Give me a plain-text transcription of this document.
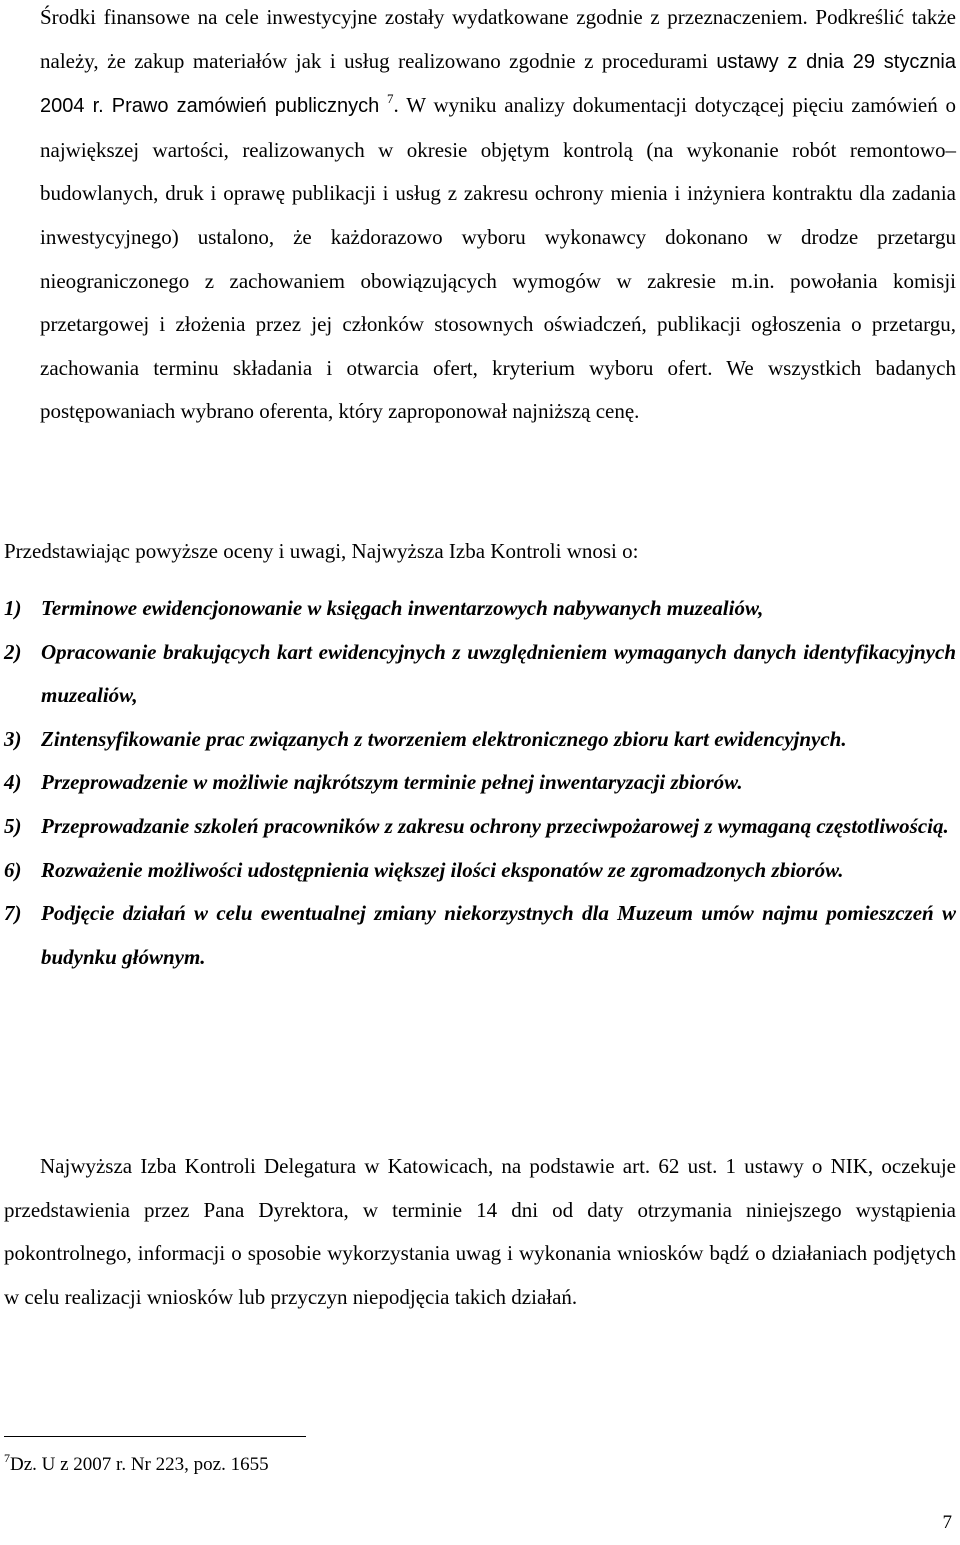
Środki finansowe na cele inwestycyjne zostały wydatkowane zgodnie z przeznaczeniem. Podkreślić także należy, że zakup materiałów jak i usług realizowano zgodnie z procedurami ustawy z dnia 29 stycznia 2004 r. Prawo zamówień publicznych $^7$. W wyniku analizy dokumentacji dotyczącej pięciu zamówień o największej wartości, realizowanych w okresie objętym kontrolą (na wykonanie robót remontowo– budowlanych, druk i oprawę publikacji i usług z zakresu ochrony mienia i inżyniera kontraktu dla zadania inwestycyjnego) ustalono, że każdorazowo wyboru wykonawcy dokonano w drodze przetargu nieograniczonego z zachowaniem obowiązujących wymogów w zakresie m.in. powołania komisji przetargowej i złożenia przez jej członków stosownych oświadczeń, publikacji ogłoszenia o przetargu, zachowania terminu składania i otwarcia ofert, kryterium wyboru ofert. We wszystkich badanych postępowaniach wybrano oferenta, który zaproponował najniższą cenę.

Przedstawiając powyższe oceny i uwagi, Najwyższa Izba Kontroli wnosi o:

1) Terminowe ewidencjonowanie w księgach inwentarzowych nabywanych muzealiów,
2) Opracowanie brakujących kart ewidencyjnych z uwzględnieniem wymaganych danych identyfikacyjnych muzealiów,
3) Zintensyfikowanie prac związanych z tworzeniem elektronicznego zbioru kart ewidencyjnych.
4) Przeprowadzenie w możliwie najkrótszym terminie pełnej inwentaryzacji zbiorów.
5) Przeprowadzanie szkoleń pracowników z zakresu ochrony przeciwpożarowej z wymaganą częstotliwością.
6) Rozważenie możliwości udostępnienia większej ilości eksponatów ze zgromadzonych zbiorów.
7) Podjęcie działań w celu ewentualnej zmiany niekorzystnych dla Muzeum umów najmu pomieszczeń w budynku głównym.

Najwyższa Izba Kontroli Delegatura w Katowicach, na podstawie art. 62 ust. 1 ustawy o NIK, oczekuje przedstawienia przez Pana Dyrektora, w terminie 14 dni od daty otrzymania niniejszego wystąpienia pokontrolnego, informacji o sposobie wykorzystania uwag i wykonania wniosków bądź o działaniach podjętych w celu realizacji wniosków lub przyczyn niepodjęcia takich działań.

$^7$Dz. U z 2007 r. Nr 223, poz. 1655
7
